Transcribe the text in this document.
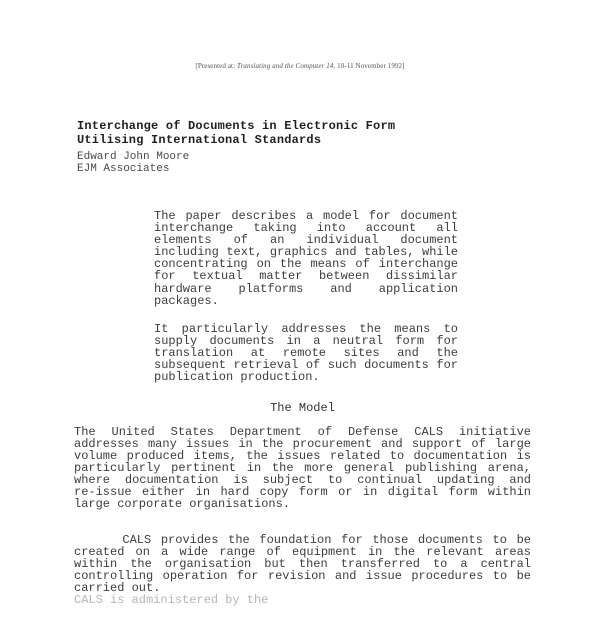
[Presented at: Translating and the Computer 14, 10-11 November 1992]
Interchange of Documents in Electronic Form Utilising International Standards
Edward John Moore
EJM Associates
The paper describes a model for document
interchange taking into account all
elements of an individual document
including text, graphics and tables, while
concentrating on the means of interchange
for textual matter between dissimilar
hardware platforms and application
packages.
It particularly addresses the means to
supply documents in a neutral form for
translation at remote sites and the
subsequent retrieval of such documents for
publication production.
The Model
The United States Department of Defense CALS initiative
addresses many issues in the procurement and support of large
volume produced items, the issues related to documentation is
particularly pertinent in the more general publishing arena,
where documentation is subject to continual updating and
re-issue either in hard copy form or in digital form within
large corporate organisations.
CALS provides the foundation for those documents to be
created on a wide range of equipment in the relevant areas
within the organisation but then transferred to a central
controlling operation for revision and issue procedures to be
carried out.
CALS is administered by the
